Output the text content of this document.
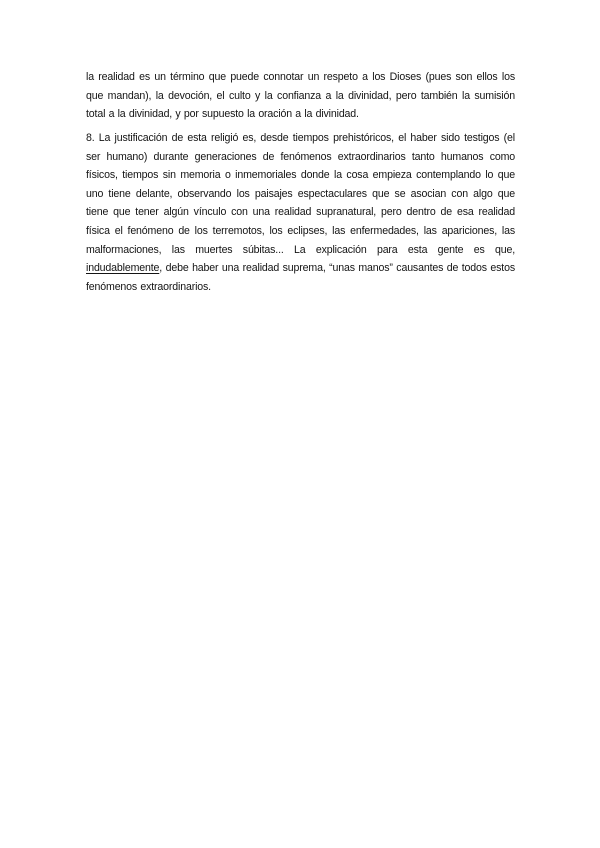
la realidad es un término que puede connotar un respeto a los Dioses (pues son ellos los que mandan), la devoción, el culto y la confianza a la divinidad, pero también la sumisión total a la divinidad, y por supuesto la oración a la divinidad.

8. La justificación de esta religió es, desde tiempos prehistóricos, el haber sido testigos (el ser humano) durante generaciones de fenómenos extraordinarios tanto humanos como físicos, tiempos sin memoria o inmemoriales donde la cosa empieza contemplando lo que uno tiene delante, observando los paisajes espectaculares que se asocian con algo que tiene que tener algún vínculo con una realidad supranatural, pero dentro de esa realidad física el fenómeno de los terremotos, los eclipses, las enfermedades, las apariciones, las malformaciones, las muertes súbitas... La explicación para esta gente es que, indudablemente, debe haber una realidad suprema, “unas manos” causantes de todos estos fenómenos extraordinarios.
